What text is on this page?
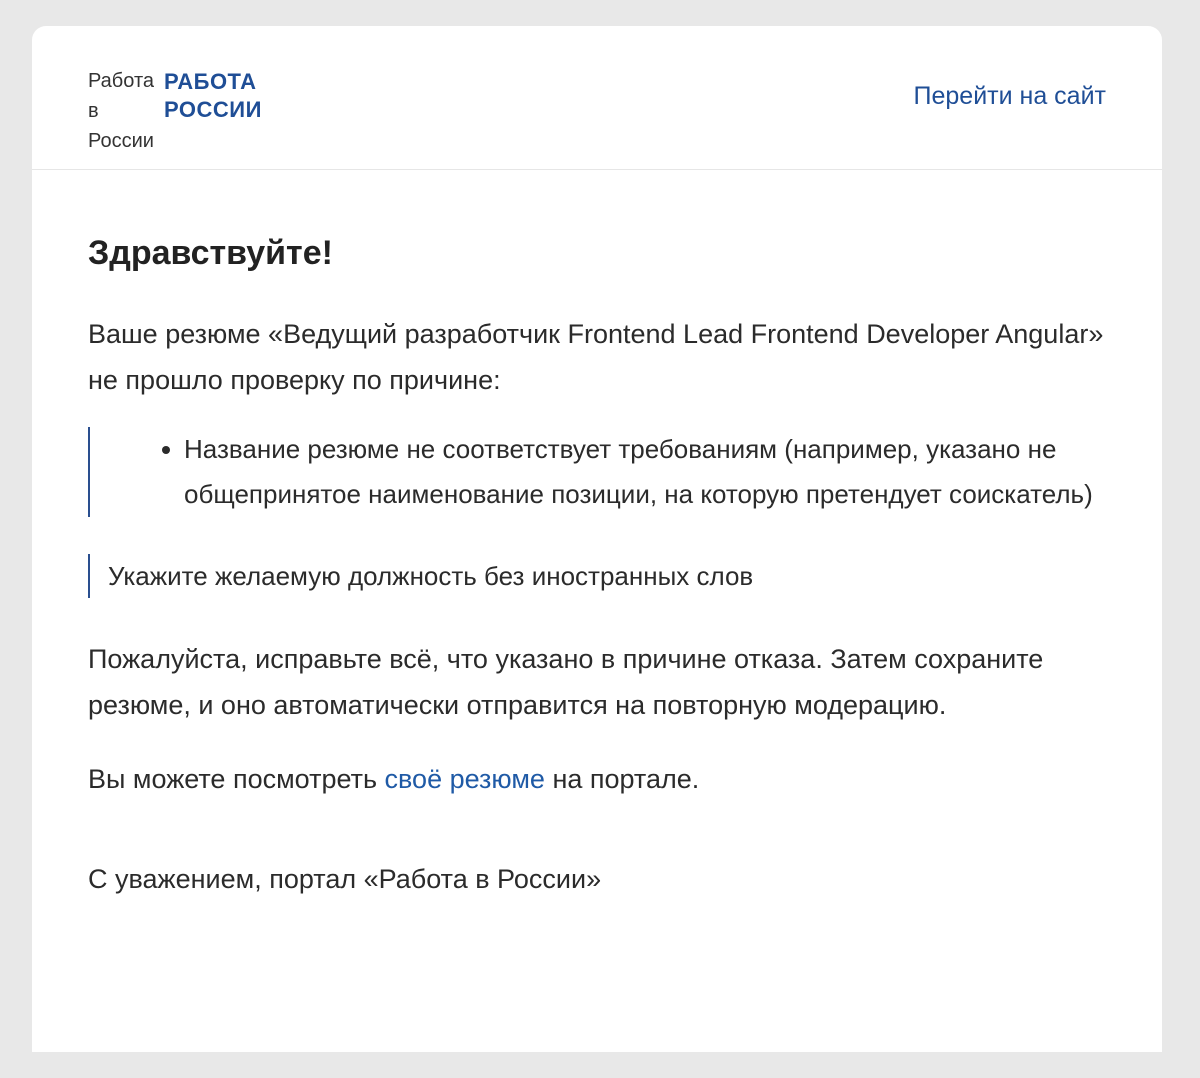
Работа
в
России
РАБОТА
РОССИИ	Перейти на сайт
Здравствуйте!

Ваше резюме «Ведущий разработчик Frontend Lead Frontend Developer Angular» не прошло проверку по причине:

Название резюме не соответствует требованиям (например, указано не общепринятое наименование позиции, на которую претендует соискатель)
Укажите желаемую должность без иностранных слов

Пожалуйста, исправьте всё, что указано в причине отказа. Затем сохраните резюме, и оно автоматически отправится на повторную модерацию.

Вы можете посмотреть своё резюме на портале.

С уважением, портал «Работа в России»
